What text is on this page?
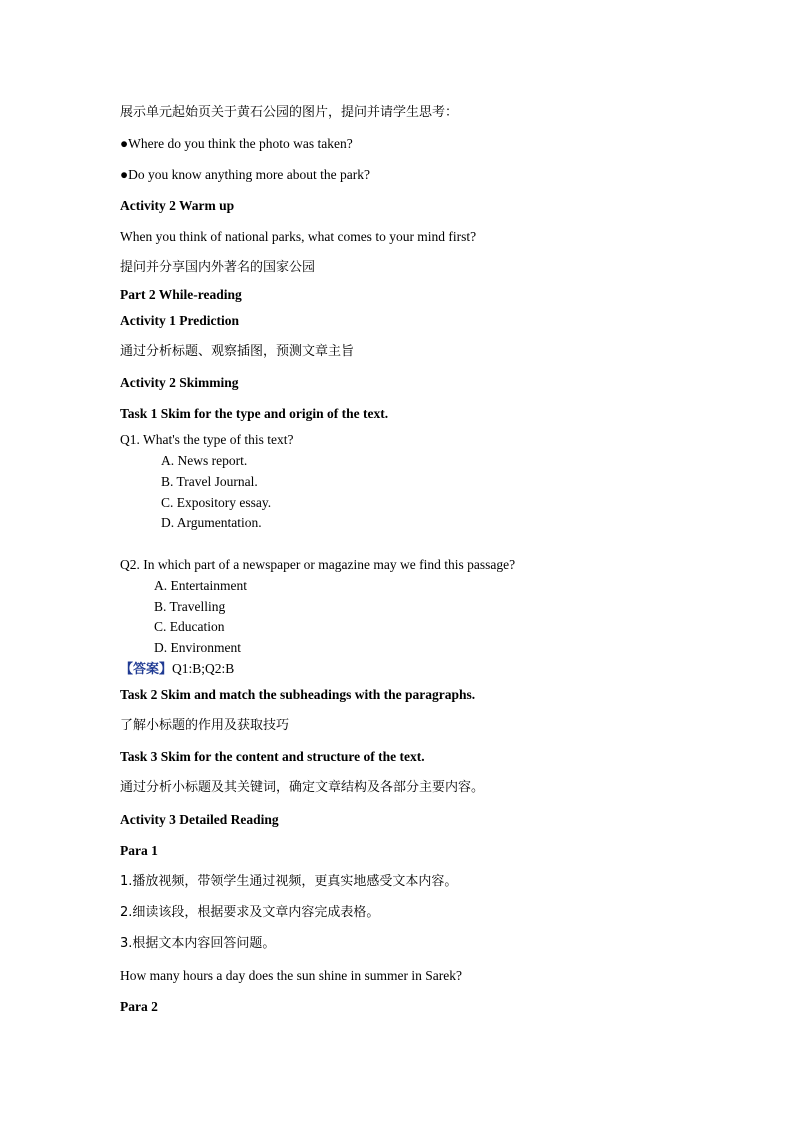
展示单元起始页关于黄石公园的图片，提问并请学生思考：

●Where do you think the photo was taken?

●Do you know anything more about the park?

Activity 2 Warm up

When you think of national parks, what comes to your mind first?

提问并分享国内外著名的国家公园

Part 2 While-reading

Activity 1 Prediction

通过分析标题、观察插图，预测文章主旨

Activity 2 Skimming

Task 1 Skim for the type and origin of the text.

Q1. What's the type of this text?

A. News report.

B. Travel Journal.

C. Expository essay.

D. Argumentation.

Q2. In which part of a newspaper or magazine may we find this passage?

A. Entertainment

B. Travelling

C. Education

D. Environment

【答案】Q1:B;Q2:B

Task 2 Skim and match the subheadings with the paragraphs.

了解小标题的作用及获取技巧

Task 3 Skim for the content and structure of the text.

通过分析小标题及其关键词，确定文章结构及各部分主要内容。

Activity 3 Detailed Reading

Para 1

1.播放视频，带领学生通过视频，更真实地感受文本内容。

2.细读该段，根据要求及文章内容完成表格。

3.根据文本内容回答问题。

How many hours a day does the sun shine in summer in Sarek?

Para 2
